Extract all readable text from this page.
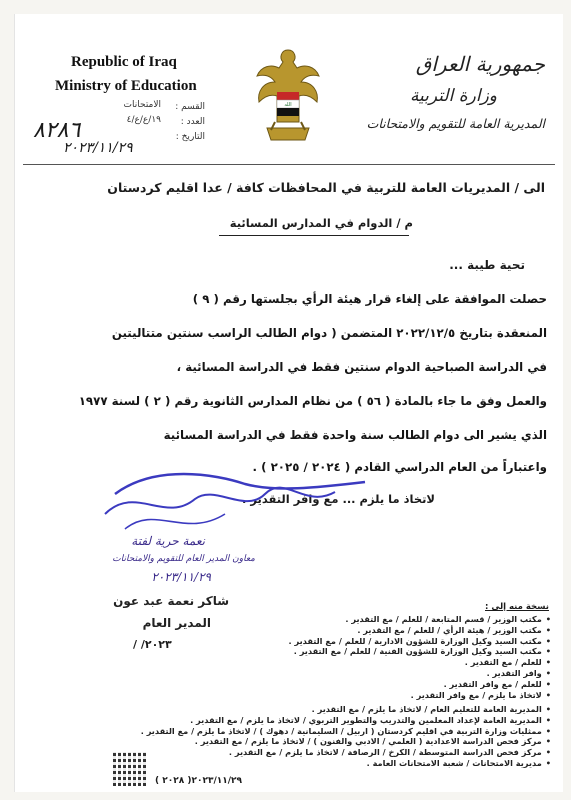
Republic of Iraq
Ministry of Education
القسم :
الامتحانات
العدد :
١٩/ع/ع/٤
التاريخ :
٨٢٨٦
٢٠٢٣/١١/٢٩
الله
جمهورية العراق
وزارة التربية
المديرية العامة للتقويم والامتحانات
الى / المديريات العامة للتربية في المحافظات كافة / عدا اقليم كردستان
م / الدوام في المدارس المسائية
تحية طيبة ...
حصلت الموافقة على إلغاء قرار هيئة الرأي بجلستها رقم ( ٩ )
المنعقدة بتاريخ ٢٠٢٢/١٢/٥ المتضمن ( دوام الطالب الراسب سنتين متتاليتين
في الدراسة الصباحية الدوام سنتين فقط في الدراسة المسائية ،
والعمل وفق ما جاء بالمادة ( ٥٦ ) من نظام المدارس الثانوية رقم ( ٢ ) لسنة ١٩٧٧
الذي يشير الى دوام الطالب سنة واحدة فقط في الدراسة المسائية
واعتباراً من العام الدراسي القادم ( ٢٠٢٤ / ٢٠٢٥ ) .
لاتخاذ ما يلزم ... مع وافر التقدير .
نعمة حرية لفتة
معاون المدير العام للتقويم والامتحانات
٢٠٢٣/١١/٢٩
شاكر نعمة عبد عون
المدير العام
/ /٢٠٢٣
نسخة منه إلى :
•مكتب الوزير / قسم المتابعة / للعلم / مع التقدير .
•مكتب الوزير / هيئة الرأي / للعلم / مع التقدير .
•مكتب السيد وكيل الوزارة للشؤون الادارية / للعلم / مع التقدير .
•مكتب السيد وكيل الوزارة للشؤون الفنية / للعلم / مع التقدير .
•للعلم / مع التقدير .
•وافر التقدير .
•للعلم / مع وافر التقدير .
•لاتخاذ ما يلزم / مع وافر التقدير .
•المديرية العامة للتعليم العام / لاتخاذ ما يلزم / مع التقدير .
•المديرية العامة لإعداد المعلمين والتدريب والتطوير التربوي / لاتخاذ ما يلزم / مع التقدير .
•ممثليات وزارة التربية في اقليم كردستان ( اربيل / السليمانية / دهوك ) / لاتخاذ ما يلزم / مع التقدير .
•مركز فحص الدراسة الاعدادية ( العلمي / الادبي والفنون ) / لاتخاذ ما يلزم / مع التقدير .
•مركز فحص الدراسة المتوسطة / الكرخ / الرصافة / لاتخاذ ما يلزم / مع التقدير .
•مديرية الامتحانات / شعبة الامتحانات العامة .
( ٢٠٢٨ )٢٠٢٣/١١/٢٩
